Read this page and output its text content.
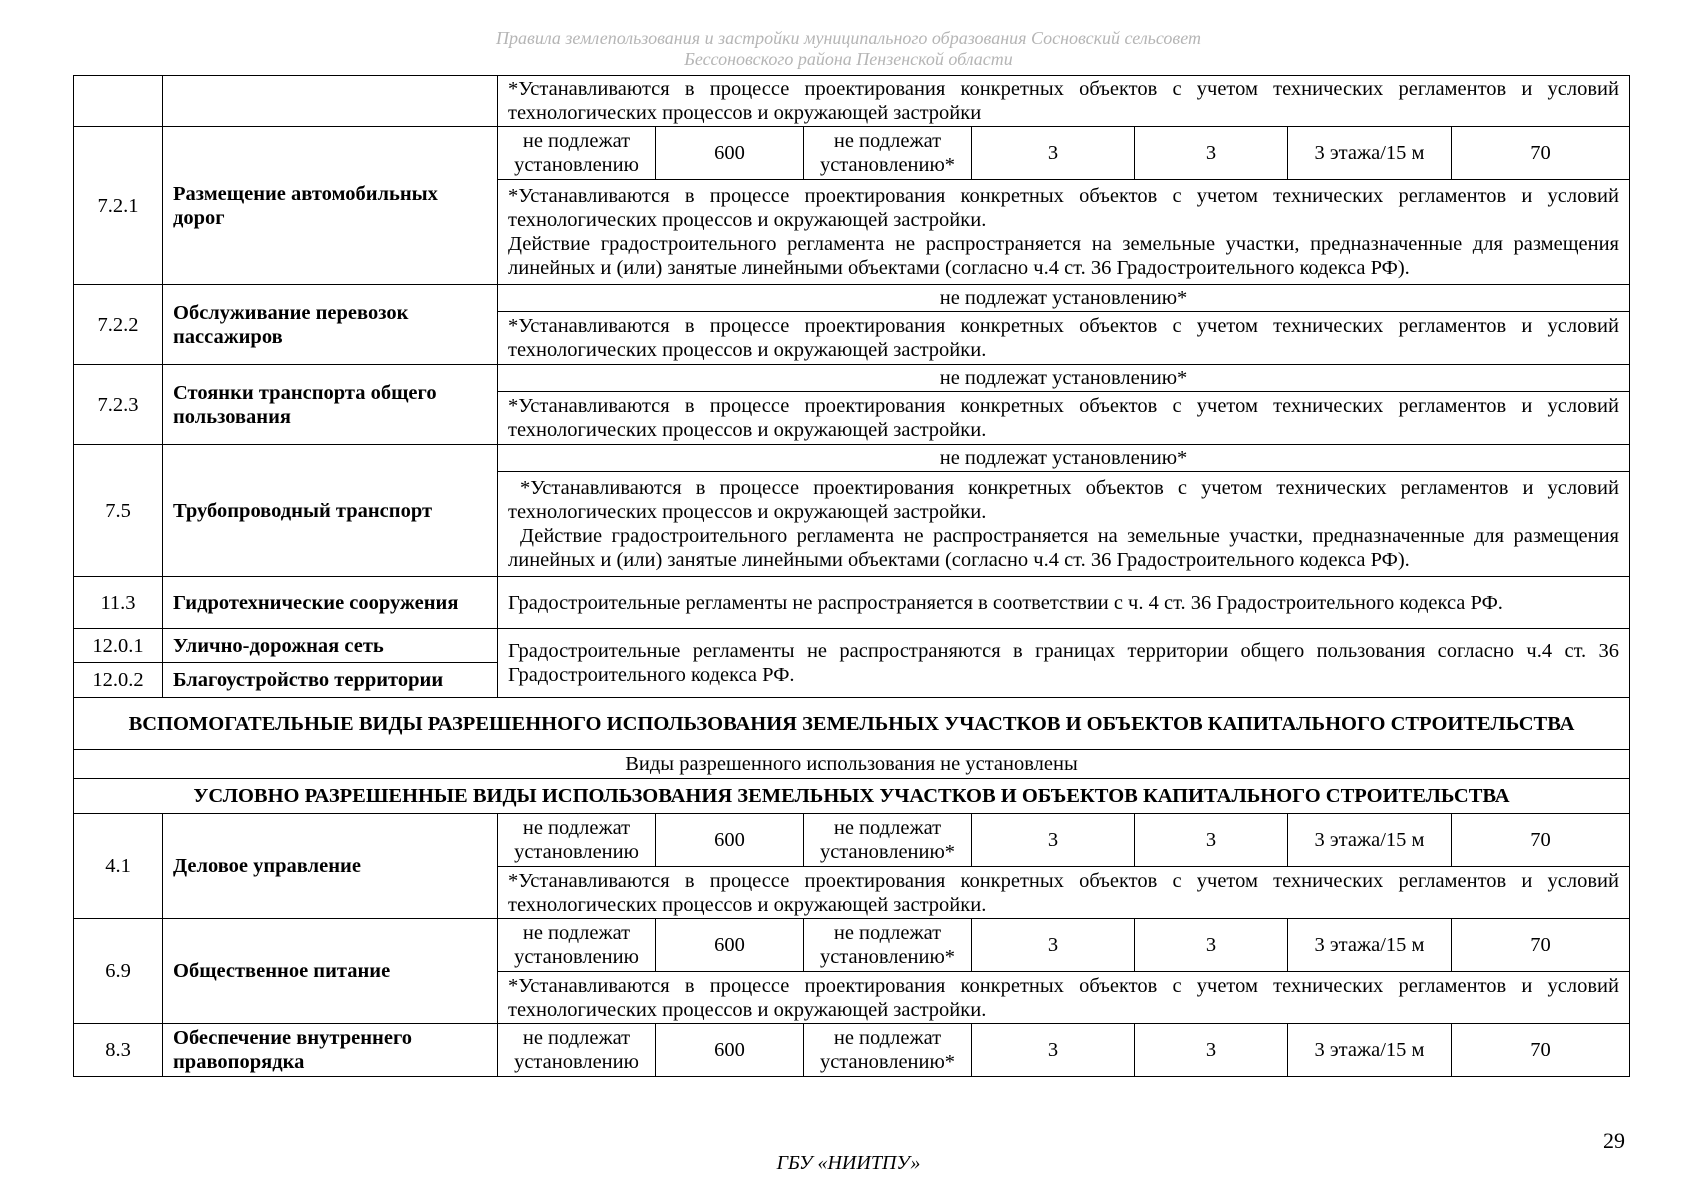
Правила землепользования и застройки муниципального образования Сосновский сельсовет
Бессоновского района Пензенской области
		*Устанавливаются в процессе проектирования конкретных объектов с учетом технических регламентов и условий технологических процессов и окружающей застройки						
7.2.1	Размещение автомобильных дорог	не подлежат установлению	600	не подлежат установлению*	3	3	3 этажа/15 м	70

		*Устанавливаются в процессе проектирования конкретных объектов с учетом технических регламентов и условий технологических процессов и окружающей застройки.

Действие градостроительного регламента не распространяется на земельные участки, предназначенные для размещения линейных и (или) занятые линейными объектами (согласно ч.4 ст. 36 Градостроительного кодекса РФ).						

7.2.2	Обслуживание перевозок пассажиров	не подлежат установлению*						
		*Устанавливаются в процессе проектирования конкретных объектов с учетом технических регламентов и условий технологических процессов и окружающей застройки.						
7.2.3	Стоянки транспорта общего пользования	не подлежат установлению*						
		*Устанавливаются в процессе проектирования конкретных объектов с учетом технических регламентов и условий технологических процессов и окружающей застройки.						
7.5	Трубопроводный транспорт	не подлежат установлению*						

		*Устанавливаются в процессе проектирования конкретных объектов с учетом технических регламентов и условий технологических процессов и окружающей застройки.

Действие градостроительного регламента не распространяется на земельные участки, предназначенные для размещения линейных и (или) занятые линейными объектами (согласно ч.4 ст. 36 Градостроительного кодекса РФ).						

11.3	Гидротехнические сооружения	Градостроительные регламенты не распространяется в соответствии с ч. 4 ст. 36 Градостроительного кодекса РФ.						
12.0.1	Улично-дорожная сеть	Градостроительные регламенты не распространяются в границах территории общего пользования согласно ч.4 ст. 36 Градостроительного кодекса РФ.						
12.0.2	Благоустройство территории							
ВСПОМОГАТЕЛЬНЫЕ ВИДЫ РАЗРЕШЕННОГО ИСПОЛЬЗОВАНИЯ ЗЕМЕЛЬНЫХ УЧАСТКОВ И ОБЪЕКТОВ КАПИТАЛЬНОГО СТРОИТЕЛЬСТВА								
Виды разрешенного использования не установлены								
УСЛОВНО РАЗРЕШЕННЫЕ ВИДЫ ИСПОЛЬЗОВАНИЯ ЗЕМЕЛЬНЫХ УЧАСТКОВ И ОБЪЕКТОВ КАПИТАЛЬНОГО СТРОИТЕЛЬСТВА								
4.1	Деловое управление	не подлежат установлению	600	не подлежат установлению*	3	3	3 этажа/15 м	70
		*Устанавливаются в процессе проектирования конкретных объектов с учетом технических регламентов и условий технологических процессов и окружающей застройки.						
6.9	Общественное питание	не подлежат установлению	600	не подлежат установлению*	3	3	3 этажа/15 м	70
		*Устанавливаются в процессе проектирования конкретных объектов с учетом технических регламентов и условий технологических процессов и окружающей застройки.						
8.3	Обеспечение внутреннего правопорядка	не подлежат установлению	600	не подлежат установлению*	3	3	3 этажа/15 м	70
29
ГБУ «НИИТПУ»
